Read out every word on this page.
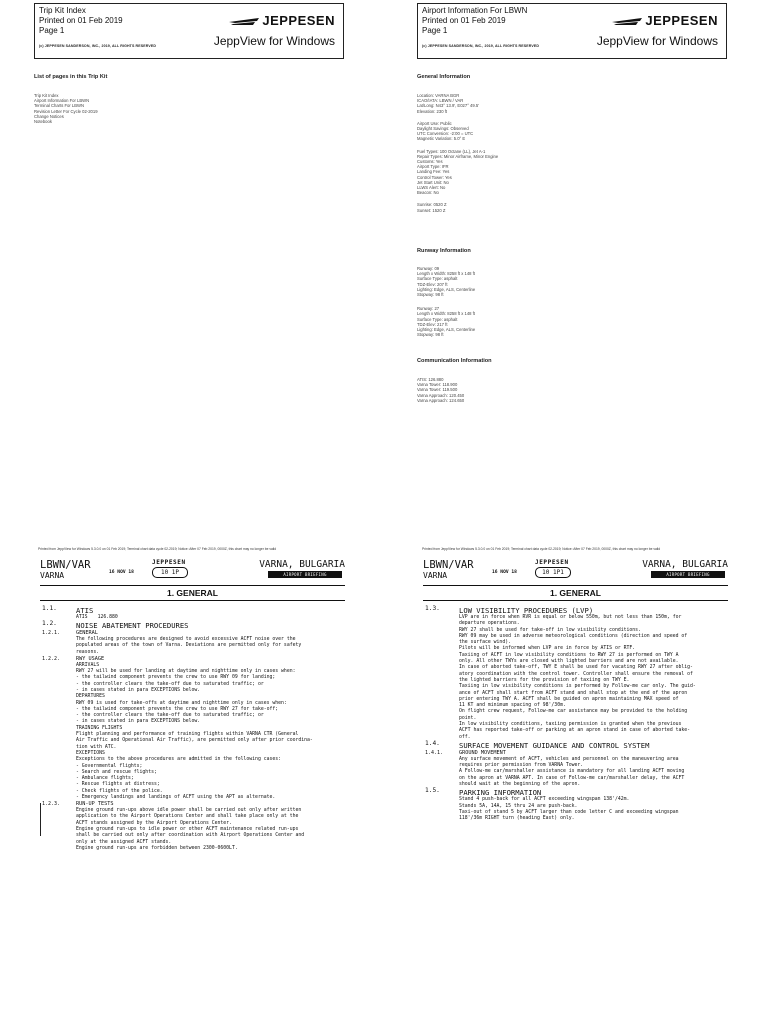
Trip Kit Index
Printed on 01 Feb 2019
Page 1
(c) JEPPESEN SANDERSON, INC., 2019, ALL RIGHTS RESERVED
JEPPESEN
JeppView for Windows
Airport Information For LBWN
Printed on 01 Feb 2019
Page 1
(c) JEPPESEN SANDERSON, INC., 2019, ALL RIGHTS RESERVED
JEPPESEN
JeppView for Windows
List of pages in this Trip Kit
Trip Kit Index
Airport Information For LBWN
Terminal Charts For LBWN
Revision Letter For Cycle 02-2019
Change Notices
Notebook
General Information
Location: VARNA BGR
ICAO/IATA: LBWN / VAR
Lat/Long: N43° 13.9', E027° 49.5'
Elevation: 230 ft
Airport Use: Public
Daylight Savings: Observed
UTC Conversion: -2:00 = UTC
Magnetic Variation: 5.0° E
Fuel Types: 100 Octane (LL), Jet A-1
Repair Types: Minor Airframe, Minor Engine
Customs: Yes
Airport Type: IFR
Landing Fee: Yes
Control Tower: Yes
Jet Start Unit: No
LLWS Alert: No
Beacon: No
Sunrise: 0520 Z
Sunset: 1520 Z
Runway Information
Runway: 09
Length x Width: 8258 ft x 148 ft
Surface Type: asphalt
TDZ-Elev: 207 ft
Lighting: Edge, ALS, Centerline
Stopway: 98 ft
Runway: 27
Length x Width: 8258 ft x 148 ft
Surface Type: asphalt
TDZ-Elev: 217 ft
Lighting: Edge, ALS, Centerline
Stopway: 98 ft
Communication Information
ATIS: 126.880
Varna Tower: 118.900
Varna Tower: 119.500
Varna Approach: 120.450
Varna Approach: 124.650
Printed from JeppView for Windows 5.3.0.0 on 01 Feb 2019; Terminal chart data cycle 02-2019; Notice: After 07 Feb 2019, 0000Z, this chart may no longer be valid	Printed from JeppView for Windows 5.3.0.0 on 01 Feb 2019; Terminal chart data cycle 02-2019; Notice: After 07 Feb 2019, 0000Z, this chart may no longer be valid
LBWN/VAR
VARNA	16 NOV 18
JEPPESEN
10 1P
VARNA, BULGARIA
AIRPORT BRIEFING
1. GENERAL
1.1.	ATIS
ATIS 126.880
1.2.	NOISE ABATEMENT PROCEDURES
1.2.1.	GENERAL
The following procedures are designed to avoid excessive ACFT noise over the
populated areas of the town of Varna. Deviations are permitted only for safety
reasons.
1.2.2.	RWY USAGE
ARRIVALS
RWY 27 will be used for landing at daytime and nighttime only in cases when:
- the tailwind component prevents the crew to use RWY 09 for landing;
- the controller clears the take-off due to saturated traffic; or
- in cases stated in para EXCEPTIONS below.
DEPARTURES
RWY 09 is used for take-offs at daytime and nighttime only in cases when:
- the tailwind component prevents the crew to use RWY 27 for take-off;
- the controller clears the take-off due to saturated traffic; or
- in cases stated in para EXCEPTIONS below.
TRAINING FLIGHTS
Flight planning and performance of training flights within VARNA CTR (General
Air Traffic and Operational Air Traffic), are permitted only after prior coordina-
tion with ATC.
EXCEPTIONS
Exceptions to the above procedures are admitted in the following cases:
- Governmental flights;
- Search and rescue flights;
- Ambulance flights;
- Rescue flights at distress;
- Check flights of the police.
- Emergency landings and landings of ACFT using the APT as alternate.
1.2.3.	RUN-UP TESTS
Engine ground run-ups above idle power shall be carried out only after written
application to the Airport Operations Center and shall take place only at the
ACFT stands assigned by the Airport Operations Center.
Engine ground run-ups to idle power or other ACFT maintenance related run-ups
shall be carried out only after coordination with Airport Operations Center and
only at the assigned ACFT stands.
Engine ground run-ups are forbidden between 2300-0600LT.
LBWN/VAR
VARNA	16 NOV 18
JEPPESEN
10 1P1
VARNA, BULGARIA
AIRPORT BRIEFING
1. GENERAL
1.3.	LOW VISIBILITY PROCEDURES (LVP)
LVP are in force when RVR is equal or below 550m, but not less than 150m, for
departure operations.
RWY 27 shall be used for take-off in low visibility conditions.
RWY 09 may be used in adverse meteorological conditions (direction and speed of
the surface wind).
Pilots will be informed when LVP are in force by ATIS or RTF.
Taxiing of ACFT in low visibility conditions to RWY 27 is performed on TWY A
only. All other TWYs are closed with lighted barriers and are not available.
In case of aborted take-off, TWY E shall be used for vacating RWY 27 after oblig-
atory coordination with the control tower. Controller shall ensure the removal of
the lighted barriers for the provision of taxiing on TWY E.
Taxiing in low visibility conditions is performed by Follow-me car only. The guid-
ance of ACFT shall start from ACFT stand and shall stop at the end of the apron
prior entering TWY A. ACFT shall be guided on apron maintaining MAX speed of
11 KT and minimum spacing of 98'/30m.
On flight crew request, Follow-me car assistance may be provided to the holding
point.
In low visibility conditions, taxiing permission is granted when the previous
ACFT has reported take-off or parking at an apron stand in case of aborted take-
off.
1.4.	SURFACE MOVEMENT GUIDANCE AND CONTROL SYSTEM
1.4.1.	GROUND MOVEMENT
Any surface movement of ACFT, vehicles and personnel on the maneuvering area
requires prior permission from VARNA Tower.
A Follow-me car/marshaller assistance is mandatory for all landing ACFT moving
on the apron at VARNA APT. In case of Follow-me car/marshaller delay, the ACFT
should wait at the beginning of the apron.
1.5.	PARKING INFORMATION
Stand 4 push-back for all ACFT exceeding wingspan 138'/42m.
Stands 5A, 14A, 15 thru 24 are push-back.
Taxi-out of stand 5 by ACFT larger than code letter C and exceeding wingspan
118'/36m RIGHT turn (heading East) only.
